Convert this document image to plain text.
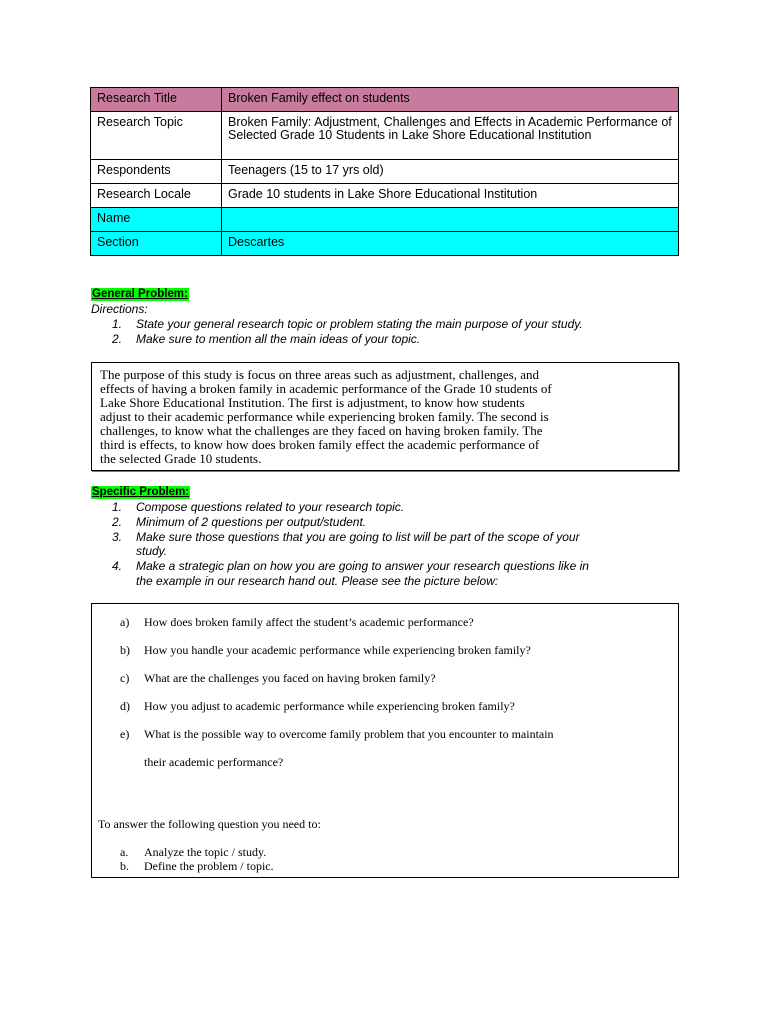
Research Title	Broken Family effect on students
Research Topic	Broken Family: Adjustment, Challenges and Effects in Academic Performance of Selected Grade 10 Students in Lake Shore Educational Institution
Respondents	Teenagers (15 to 17 yrs old)
Research Locale	Grade 10 students in Lake Shore Educational Institution
Name	
Section	Descartes
General Problem:
Directions:
1. State your general research topic or problem stating the main purpose of your study.
2. Make sure to mention all the main ideas of your topic.
The purpose of this study is focus on three areas such as adjustment, challenges, and
effects of having a broken family in academic performance of the Grade 10 students of
Lake Shore Educational Institution. The first is adjustment, to know how students
adjust to their academic performance while experiencing broken family. The second is
challenges, to know what the challenges are they faced on having broken family. The
third is effects, to know how does broken family effect the academic performance of
the selected Grade 10 students.
Specific Problem:
1. Compose questions related to your research topic.
2. Minimum of 2 questions per output/student.
3. Make sure those questions that you are going to list will be part of the scope of your
study.
4. Make a strategic plan on how you are going to answer your research questions like in
the example in our research hand out. Please see the picture below:
a) How does broken family affect the student’s academic performance?
b) How you handle your academic performance while experiencing broken family?
c) What are the challenges you faced on having broken family?
d) How you adjust to academic performance while experiencing broken family?
e) What is the possible way to overcome family problem that you encounter to maintain
their academic performance?
To answer the following question you need to:
a. Analyze the topic / study.
b. Define the problem / topic.
